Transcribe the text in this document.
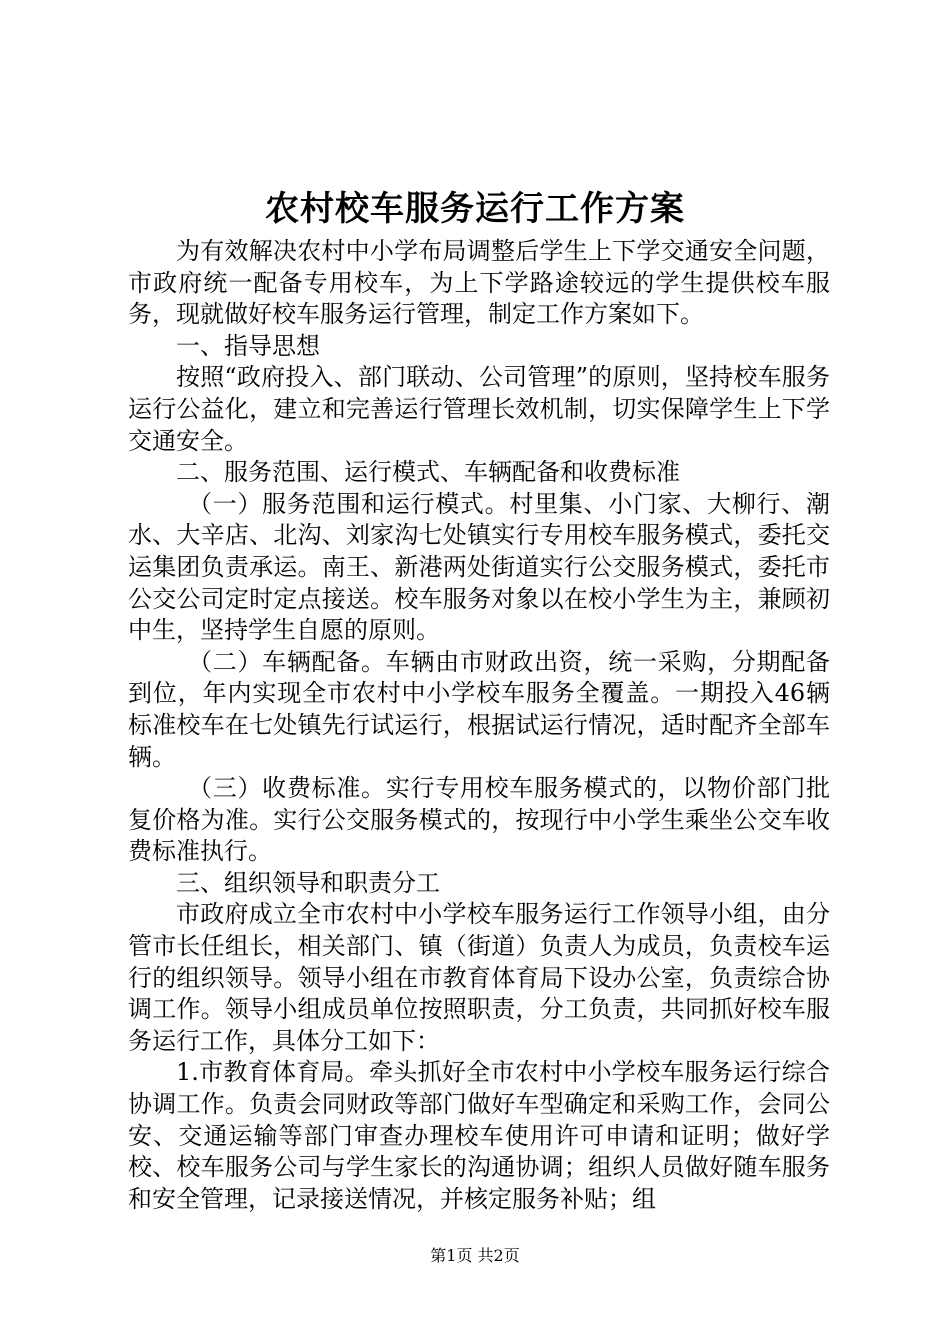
农村校车服务运行工作方案

为有效解决农村中小学布局调整后学生上下学交通安全问题，市政府统一配备专用校车，为上下学路途较远的学生提供校车服务，现就做好校车服务运行管理，制定工作方案如下。

一、指导思想

按照“政府投入、部门联动、公司管理”的原则，坚持校车服务运行公益化，建立和完善运行管理长效机制，切实保障学生上下学交通安全。

二、服务范围、运行模式、车辆配备和收费标准

（一）服务范围和运行模式。村里集、小门家、大柳行、潮水、大辛店、北沟、刘家沟七处镇实行专用校车服务模式，委托交运集团负责承运。南王、新港两处街道实行公交服务模式，委托市公交公司定时定点接送。校车服务对象以在校小学生为主，兼顾初中生，坚持学生自愿的原则。

（二）车辆配备。车辆由市财政出资，统一采购，分期配备到位，年内实现全市农村中小学校车服务全覆盖。一期投入46辆标准校车在七处镇先行试运行，根据试运行情况，适时配齐全部车辆。

（三）收费标准。实行专用校车服务模式的，以物价部门批复价格为准。实行公交服务模式的，按现行中小学生乘坐公交车收费标准执行。

三、组织领导和职责分工

市政府成立全市农村中小学校车服务运行工作领导小组，由分管市长任组长，相关部门、镇（街道）负责人为成员，负责校车运行的组织领导。领导小组在市教育体育局下设办公室，负责综合协调工作。领导小组成员单位按照职责，分工负责，共同抓好校车服务运行工作，具体分工如下：

1.市教育体育局。牵头抓好全市农村中小学校车服务运行综合协调工作。负责会同财政等部门做好车型确定和采购工作，会同公安、交通运输等部门审查办理校车使用许可申请和证明；做好学校、校车服务公司与学生家长的沟通协调；组织人员做好随车服务和安全管理，记录接送情况，并核定服务补贴；组

第1页 共2页
